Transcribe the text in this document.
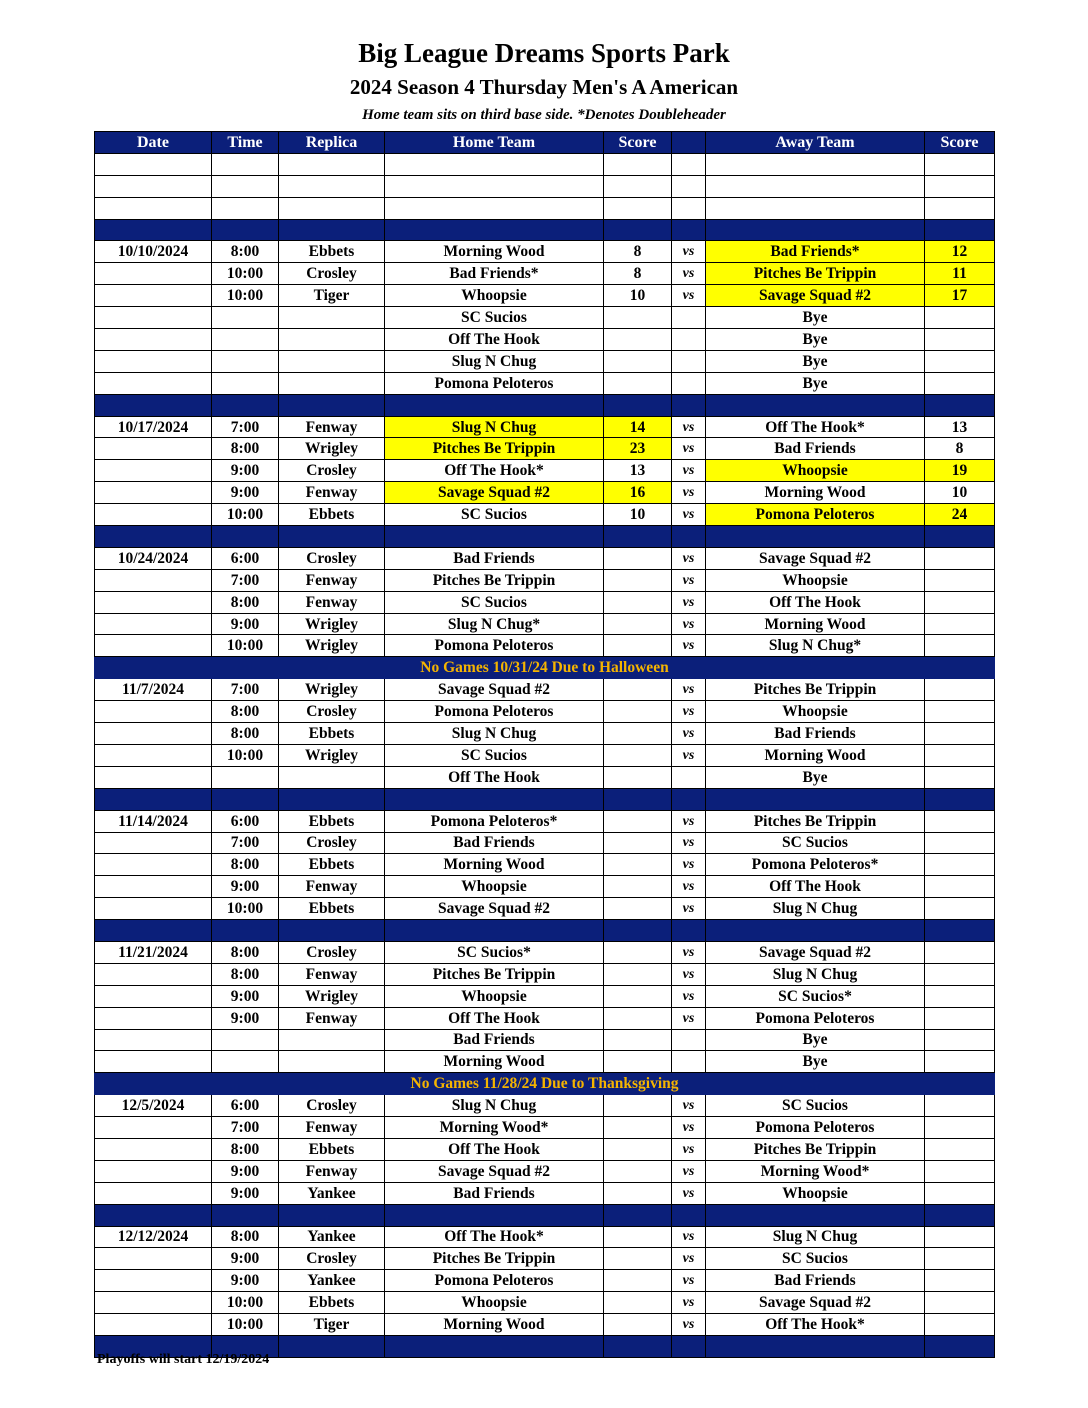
Big League Dreams Sports Park
2024 Season 4 Thursday Men's A American
Home team sits on third base side. *Denotes Doubleheader
Date	Time	Replica	Home Team	Score		Away Team	Score

10/10/2024	8:00	Ebbets	Morning Wood	8	vs	Bad Friends*	12
	10:00	Crosley	Bad Friends*	8	vs	Pitches Be Trippin	11
	10:00	Tiger	Whoopsie	10	vs	Savage Squad #2	17
			SC Sucios			Bye	
			Off The Hook			Bye	
			Slug N Chug			Bye	
			Pomona Peloteros			Bye	

10/17/2024	7:00	Fenway	Slug N Chug	14	vs	Off The Hook*	13
	8:00	Wrigley	Pitches Be Trippin	23	vs	Bad Friends	8
	9:00	Crosley	Off The Hook*	13	vs	Whoopsie	19
	9:00	Fenway	Savage Squad #2	16	vs	Morning Wood	10
	10:00	Ebbets	SC Sucios	10	vs	Pomona Peloteros	24

10/24/2024	6:00	Crosley	Bad Friends		vs	Savage Squad #2	
	7:00	Fenway	Pitches Be Trippin		vs	Whoopsie	
	8:00	Fenway	SC Sucios		vs	Off The Hook	
	9:00	Wrigley	Slug N Chug*		vs	Morning Wood	
	10:00	Wrigley	Pomona Peloteros		vs	Slug N Chug*	
No Games 10/31/24 Due to Halloween							
11/7/2024	7:00	Wrigley	Savage Squad #2		vs	Pitches Be Trippin	
	8:00	Crosley	Pomona Peloteros		vs	Whoopsie	
	8:00	Ebbets	Slug N Chug		vs	Bad Friends	
	10:00	Wrigley	SC Sucios		vs	Morning Wood	
			Off The Hook			Bye	

11/14/2024	6:00	Ebbets	Pomona Peloteros*		vs	Pitches Be Trippin	
	7:00	Crosley	Bad Friends		vs	SC Sucios	
	8:00	Ebbets	Morning Wood		vs	Pomona Peloteros*	
	9:00	Fenway	Whoopsie		vs	Off The Hook	
	10:00	Ebbets	Savage Squad #2		vs	Slug N Chug	

11/21/2024	8:00	Crosley	SC Sucios*		vs	Savage Squad #2	
	8:00	Fenway	Pitches Be Trippin		vs	Slug N Chug	
	9:00	Wrigley	Whoopsie		vs	SC Sucios*	
	9:00	Fenway	Off The Hook		vs	Pomona Peloteros	
			Bad Friends			Bye	
			Morning Wood			Bye	
No Games 11/28/24 Due to Thanksgiving							
12/5/2024	6:00	Crosley	Slug N Chug		vs	SC Sucios	
	7:00	Fenway	Morning Wood*		vs	Pomona Peloteros	
	8:00	Ebbets	Off The Hook		vs	Pitches Be Trippin	
	9:00	Fenway	Savage Squad #2		vs	Morning Wood*	
	9:00	Yankee	Bad Friends		vs	Whoopsie	

12/12/2024	8:00	Yankee	Off The Hook*		vs	Slug N Chug	
	9:00	Crosley	Pitches Be Trippin		vs	SC Sucios	
	9:00	Yankee	Pomona Peloteros		vs	Bad Friends	
	10:00	Ebbets	Whoopsie		vs	Savage Squad #2	
	10:00	Tiger	Morning Wood		vs	Off The Hook*	

Playoffs will start 12/19/2024
